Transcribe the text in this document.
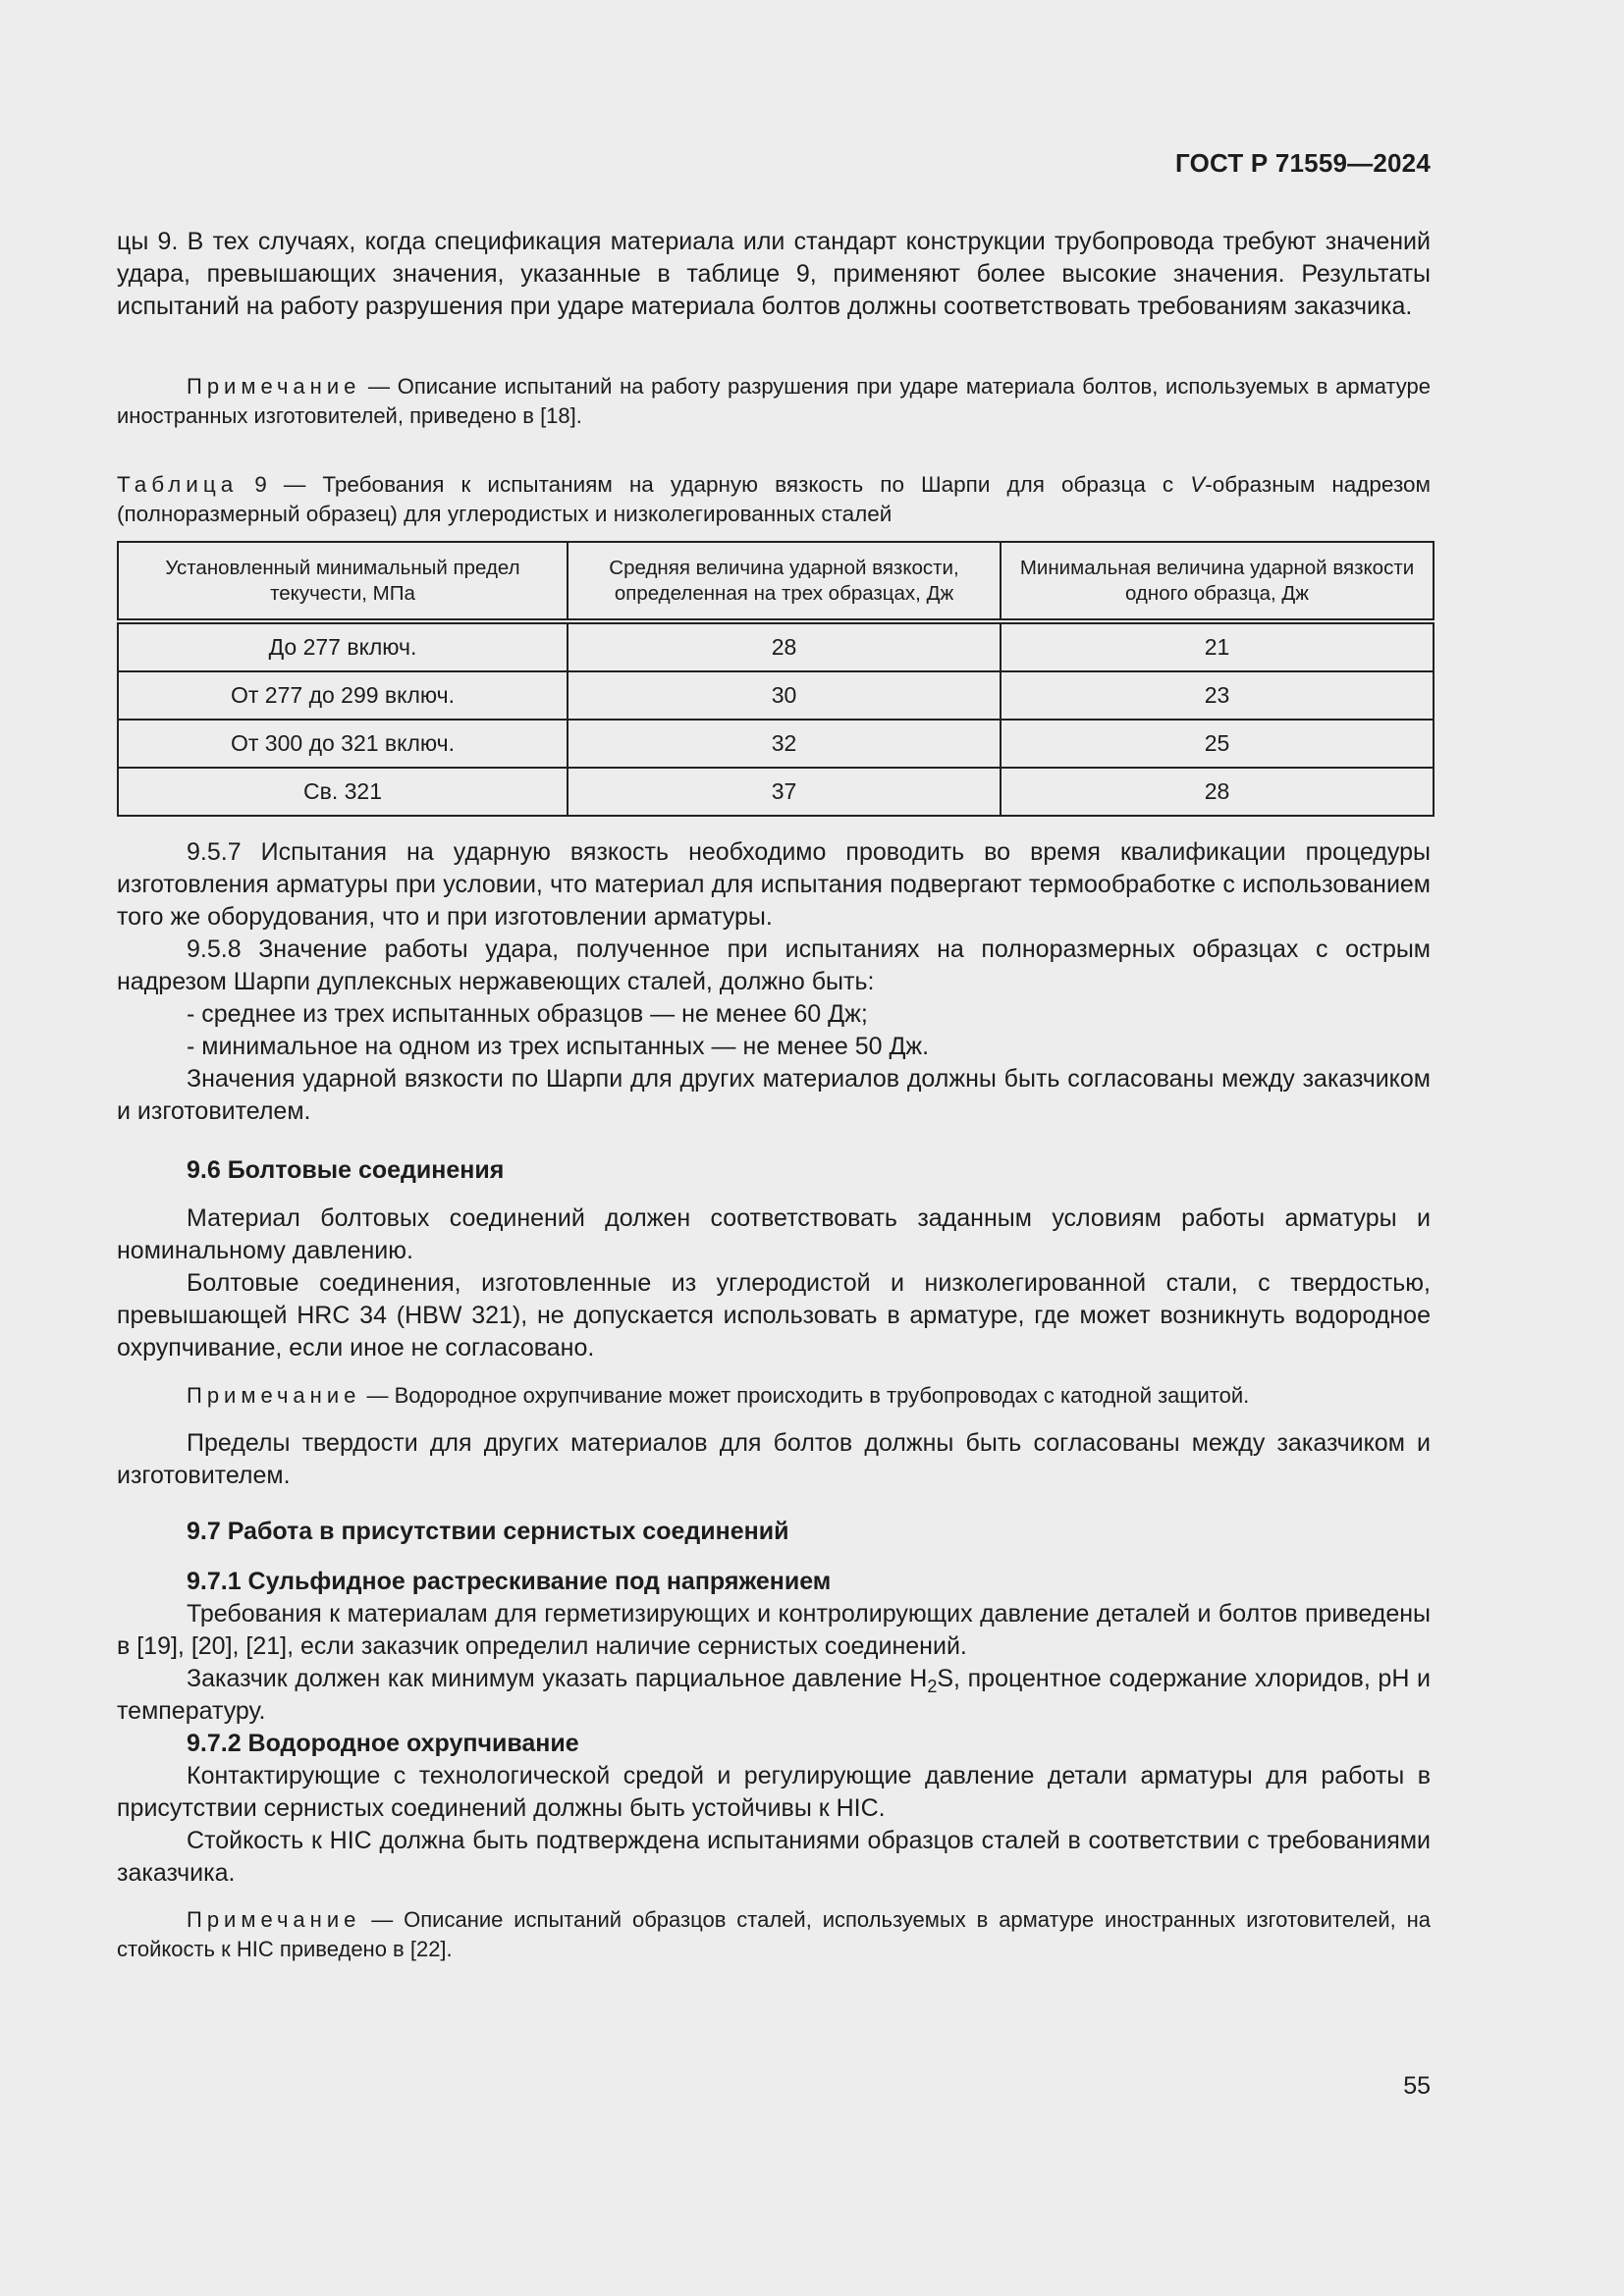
ГОСТ Р 71559—2024

цы 9. В тех случаях, когда спецификация материала или стандарт конструкции трубопровода требуют значений удара, превышающих значения, указанные в таблице 9, применяют более высокие значения. Результаты испытаний на работу разрушения при ударе материала болтов должны соответствовать требованиям заказчика.

Примечание — Описание испытаний на работу разрушения при ударе материала болтов, используемых в арматуре иностранных изготовителей, приведено в [18].

Таблица 9 — Требования к испытаниям на ударную вязкость по Шарпи для образца с V-образным надрезом (полноразмерный образец) для углеродистых и низколегированных сталей

Установленный минимальный предел текучести, МПа	Средняя величина ударной вязкости, определенная на трех образцах, Дж	Минимальная величина ударной вязкости одного образца, Дж
До 277 включ.	28	21
От 277 до 299 включ.	30	23
От 300 до 321 включ.	32	25
Св. 321	37	28

9.5.7 Испытания на ударную вязкость необходимо проводить во время квалификации процедуры изготовления арматуры при условии, что материал для испытания подвергают термообработке с использованием того же оборудования, что и при изготовлении арматуры.

9.5.8 Значение работы удара, полученное при испытаниях на полноразмерных образцах с острым надрезом Шарпи дуплексных нержавеющих сталей, должно быть:

- среднее из трех испытанных образцов — не менее 60 Дж;

- минимальное на одном из трех испытанных — не менее 50 Дж.

Значения ударной вязкости по Шарпи для других материалов должны быть согласованы между заказчиком и изготовителем.

9.6 Болтовые соединения

Материал болтовых соединений должен соответствовать заданным условиям работы арматуры и номинальному давлению.

Болтовые соединения, изготовленные из углеродистой и низколегированной стали, с твердостью, превышающей HRC 34 (HBW 321), не допускается использовать в арматуре, где может возникнуть водородное охрупчивание, если иное не согласовано.

Примечание — Водородное охрупчивание может происходить в трубопроводах с катодной защитой.

Пределы твердости для других материалов для болтов должны быть согласованы между заказчиком и изготовителем.

9.7 Работа в присутствии сернистых соединений

9.7.1 Сульфидное растрескивание под напряжением

Требования к материалам для герметизирующих и контролирующих давление деталей и болтов приведены в [19], [20], [21], если заказчик определил наличие сернистых соединений.

Заказчик должен как минимум указать парциальное давление $H_2S$, процентное содержание хлоридов, pH и температуру.

9.7.2 Водородное охрупчивание

Контактирующие с технологической средой и регулирующие давление детали арматуры для работы в присутствии сернистых соединений должны быть устойчивы к HIC.

Стойкость к HIC должна быть подтверждена испытаниями образцов сталей в соответствии с требованиями заказчика.

Примечание — Описание испытаний образцов сталей, используемых в арматуре иностранных изготовителей, на стойкость к HIC приведено в [22].

55
